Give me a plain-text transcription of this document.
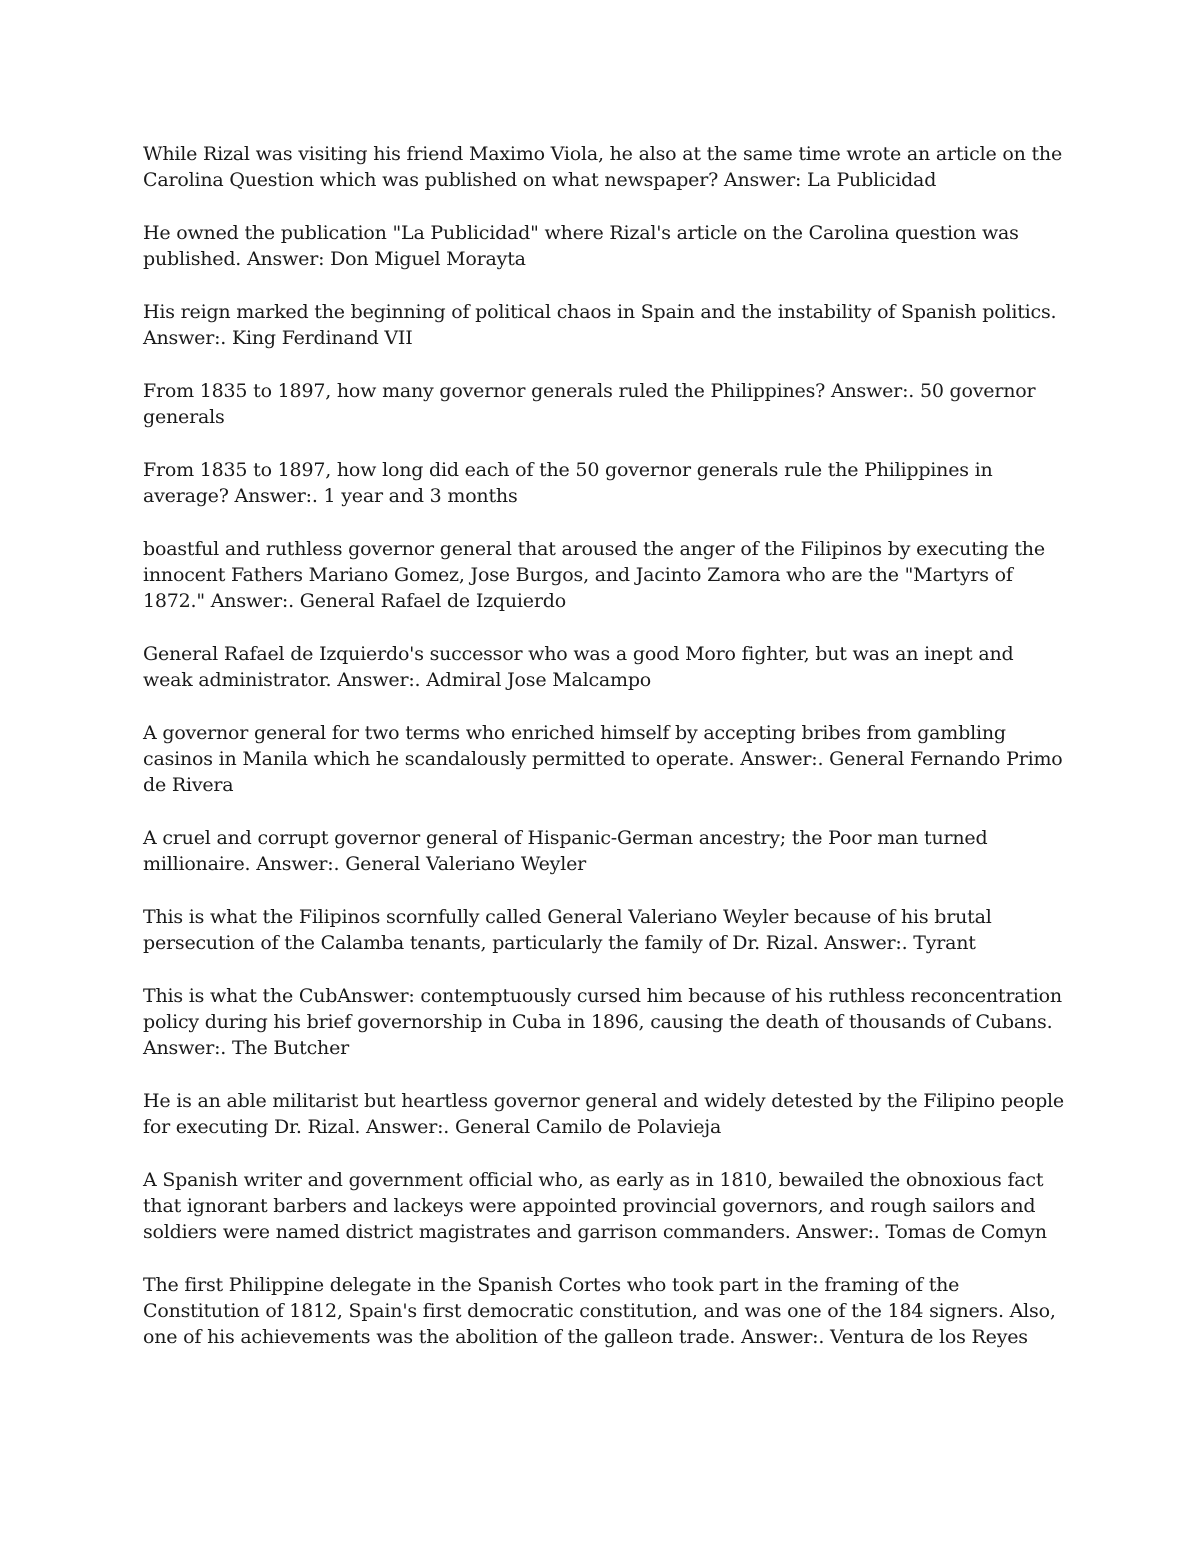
While Rizal was visiting his friend Maximo Viola, he also at the same time wrote an article on the Carolina Question which was published on what newspaper? Answer: La Publicidad

He owned the publication "La Publicidad" where Rizal's article on the Carolina question was published. Answer: Don Miguel Morayta

His reign marked the beginning of political chaos in Spain and the instability of Spanish politics. Answer:. King Ferdinand VII

From 1835 to 1897, how many governor generals ruled the Philippines? Answer:. 50 governor generals

From 1835 to 1897, how long did each of the 50 governor generals rule the Philippines in average? Answer:. 1 year and 3 months

boastful and ruthless governor general that aroused the anger of the Filipinos by executing the innocent Fathers Mariano Gomez, Jose Burgos, and Jacinto Zamora who are the "Martyrs of 1872." Answer:. General Rafael de Izquierdo

General Rafael de Izquierdo's successor who was a good Moro fighter, but was an inept and weak administrator. Answer:. Admiral Jose Malcampo

A governor general for two terms who enriched himself by accepting bribes from gambling casinos in Manila which he scandalously permitted to operate. Answer:. General Fernando Primo de Rivera

A cruel and corrupt governor general of Hispanic-German ancestry; the Poor man turned millionaire. Answer:. General Valeriano Weyler

This is what the Filipinos scornfully called General Valeriano Weyler because of his brutal persecution of the Calamba tenants, particularly the family of Dr. Rizal. Answer:. Tyrant

This is what the CubAnswer: contemptuously cursed him because of his ruthless reconcentration policy during his brief governorship in Cuba in 1896, causing the death of thousands of Cubans. Answer:. The Butcher

He is an able militarist but heartless governor general and widely detested by the Filipino people for executing Dr. Rizal. Answer:. General Camilo de Polavieja

A Spanish writer and government official who, as early as in 1810, bewailed the obnoxious fact that ignorant barbers and lackeys were appointed provincial governors, and rough sailors and soldiers were named district magistrates and garrison commanders. Answer:. Tomas de Comyn

The first Philippine delegate in the Spanish Cortes who took part in the framing of the Constitution of 1812, Spain's first democratic constitution, and was one of the 184 signers. Also, one of his achievements was the abolition of the galleon trade. Answer:. Ventura de los Reyes
